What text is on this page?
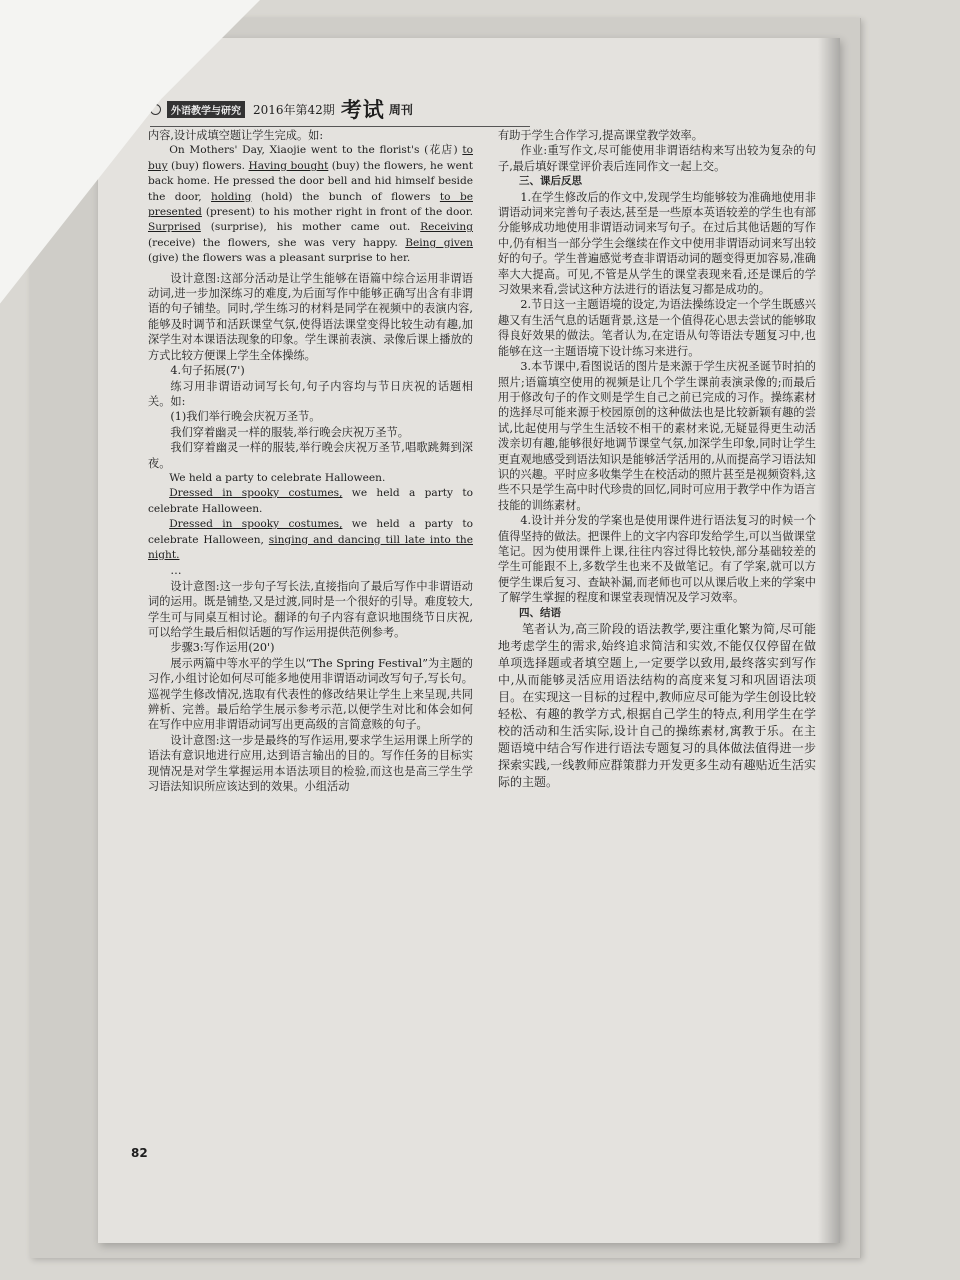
外语教学与研究	2016年第42期 考试 周刊

内容,设计成填空题让学生完成。如:

On Mothers' Day, Xiaojie went to the florist's (花店) to buy (buy) flowers. Having bought (buy) the flowers, he went back home. He pressed the door bell and hid himself beside the door, holding (hold) the bunch of flowers to be presented (present) to his mother right in front of the door. Surprised (surprise), his mother came out. Receiving (receive) the flowers, she was very happy. Being given (give) the flowers was a pleasant surprise to her.

设计意图:这部分活动是让学生能够在语篇中综合运用非谓语动词,进一步加深练习的难度,为后面写作中能够正确写出含有非谓语的句子铺垫。同时,学生练习的材料是同学在视频中的表演内容,能够及时调节和活跃课堂气氛,使得语法课堂变得比较生动有趣,加深学生对本课语法现象的印象。学生课前表演、录像后课上播放的方式比较方便课上学生全体操练。

4.句子拓展(7')

练习用非谓语动词写长句,句子内容均与节日庆祝的话题相关。如:

(1)我们举行晚会庆祝万圣节。

我们穿着幽灵一样的服装,举行晚会庆祝万圣节。

我们穿着幽灵一样的服装,举行晚会庆祝万圣节,唱歌跳舞到深夜。

We held a party to celebrate Halloween.

Dressed in spooky costumes, we held a party to celebrate Halloween.

Dressed in spooky costumes, we held a party to celebrate Halloween, singing and dancing till late into the night.

…

设计意图:这一步句子写长法,直接指向了最后写作中非谓语动词的运用。既是铺垫,又是过渡,同时是一个很好的引导。难度较大,学生可与同桌互相讨论。翻译的句子内容有意识地围绕节日庆祝,可以给学生最后相似话题的写作运用提供范例参考。

步骤3:写作运用(20')

展示两篇中等水平的学生以“The Spring Festival”为主题的习作,小组讨论如何尽可能多地使用非谓语动词改写句子,写长句。巡视学生修改情况,选取有代表性的修改结果让学生上来呈现,共同辨析、完善。最后给学生展示参考示范,以便学生对比和体会如何在写作中应用非谓语动词写出更高级的言简意赅的句子。

设计意图:这一步是最终的写作运用,要求学生运用课上所学的语法有意识地进行应用,达到语言输出的目的。写作任务的目标实现情况是对学生掌握运用本语法项目的检验,而这也是高三学生学习语法知识所应该达到的效果。小组活动

有助于学生合作学习,提高课堂教学效率。

作业:重写作文,尽可能使用非谓语结构来写出较为复杂的句子,最后填好课堂评价表后连同作文一起上交。

三、课后反思

1.在学生修改后的作文中,发现学生均能够较为准确地使用非谓语动词来完善句子表达,甚至是一些原本英语较差的学生也有部分能够成功地使用非谓语动词来写句子。在过后其他话题的写作中,仍有相当一部分学生会继续在作文中使用非谓语动词来写出较好的句子。学生普遍感觉考查非谓语动词的题变得更加容易,准确率大大提高。可见,不管是从学生的课堂表现来看,还是课后的学习效果来看,尝试这种方法进行的语法复习都是成功的。

2.节日这一主题语境的设定,为语法操练设定一个学生既感兴趣又有生活气息的话题背景,这是一个值得花心思去尝试的能够取得良好效果的做法。笔者认为,在定语从句等语法专题复习中,也能够在这一主题语境下设计练习来进行。

3.本节课中,看图说话的图片是来源于学生庆祝圣诞节时拍的照片;语篇填空使用的视频是让几个学生课前表演录像的;而最后用于修改句子的作文则是学生自己之前已完成的习作。操练素材的选择尽可能来源于校园原创的这种做法也是比较新颖有趣的尝试,比起使用与学生生活较不相干的素材来说,无疑显得更生动活泼亲切有趣,能够很好地调节课堂气氛,加深学生印象,同时让学生更直观地感受到语法知识是能够活学活用的,从而提高学习语法知识的兴趣。平时应多收集学生在校活动的照片甚至是视频资料,这些不只是学生高中时代珍贵的回忆,同时可应用于教学中作为语言技能的训练素材。

4.设计并分发的学案也是使用课件进行语法复习的时候一个值得坚持的做法。把课件上的文字内容印发给学生,可以当做课堂笔记。因为使用课件上课,往往内容过得比较快,部分基础较差的学生可能跟不上,多数学生也来不及做笔记。有了学案,就可以方便学生课后复习、查缺补漏,而老师也可以从课后收上来的学案中了解学生掌握的程度和课堂表现情况及学习效率。

四、结语

笔者认为,高三阶段的语法教学,要注重化繁为简,尽可能地考虑学生的需求,始终追求简洁和实效,不能仅仅停留在做单项选择题或者填空题上,一定要学以致用,最终落实到写作中,从而能够灵活应用语法结构的高度来复习和巩固语法项目。在实现这一目标的过程中,教师应尽可能为学生创设比较轻松、有趣的教学方式,根据自己学生的特点,利用学生在学校的活动和生活实际,设计自己的操练素材,寓教于乐。在主题语境中结合写作进行语法专题复习的具体做法值得进一步探索实践,一线教师应群策群力开发更多生动有趣贴近生活实际的主题。

82
